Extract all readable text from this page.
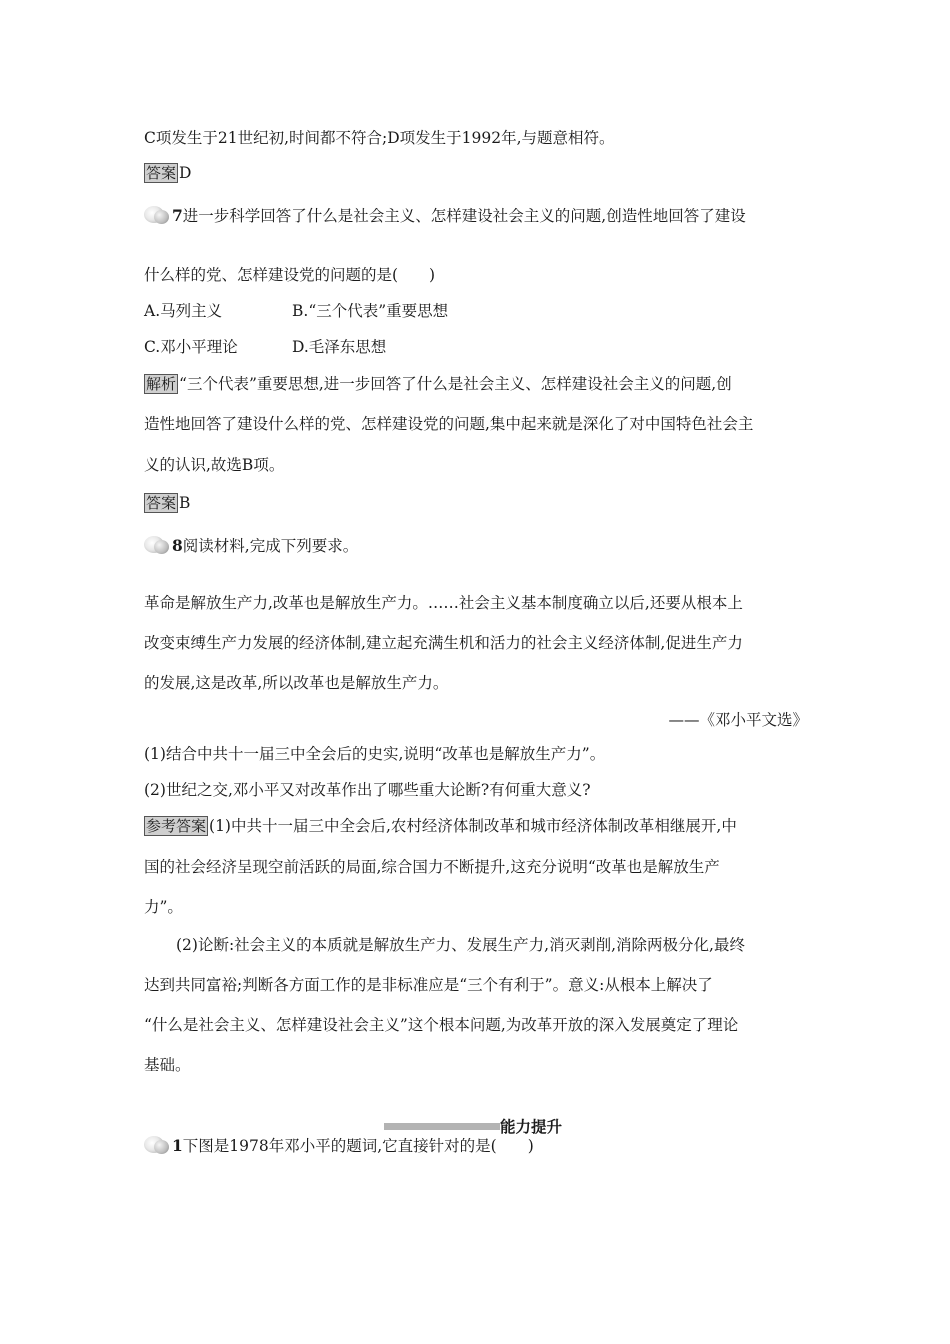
C项发生于21世纪初,时间都不符合;D项发生于1992年,与题意相符。
答案 D
7进一步科学回答了什么是社会主义、怎样建设社会主义的问题,创造性地回答了建设
什么样的党、怎样建设党的问题的是(　　)
A.马列主义	B.“三个代表”重要思想
C.邓小平理论	D.毛泽东思想
解析 “三个代表”重要思想,进一步回答了什么是社会主义、怎样建设社会主义的问题,创
造性地回答了建设什么样的党、怎样建设党的问题,集中起来就是深化了对中国特色社会主
义的认识,故选B项。
答案 B
8阅读材料,完成下列要求。
革命是解放生产力,改革也是解放生产力。……社会主义基本制度确立以后,还要从根本上
改变束缚生产力发展的经济体制,建立起充满生机和活力的社会主义经济体制,促进生产力
的发展,这是改革,所以改革也是解放生产力。
——《邓小平文选》
(1)结合中共十一届三中全会后的史实,说明“改革也是解放生产力”。
(2)世纪之交,邓小平又对改革作出了哪些重大论断?有何重大意义?
参考答案 (1)中共十一届三中全会后,农村经济体制改革和城市经济体制改革相继展开,中
国的社会经济呈现空前活跃的局面,综合国力不断提升,这充分说明“改革也是解放生产
力”。
(2)论断:社会主义的本质就是解放生产力、发展生产力,消灭剥削,消除两极分化,最终
达到共同富裕;判断各方面工作的是非标准应是“三个有利于”。意义:从根本上解决了
“什么是社会主义、怎样建设社会主义”这个根本问题,为改革开放的深入发展奠定了理论
基础。
能力提升
1下图是1978年邓小平的题词,它直接针对的是(　　)
